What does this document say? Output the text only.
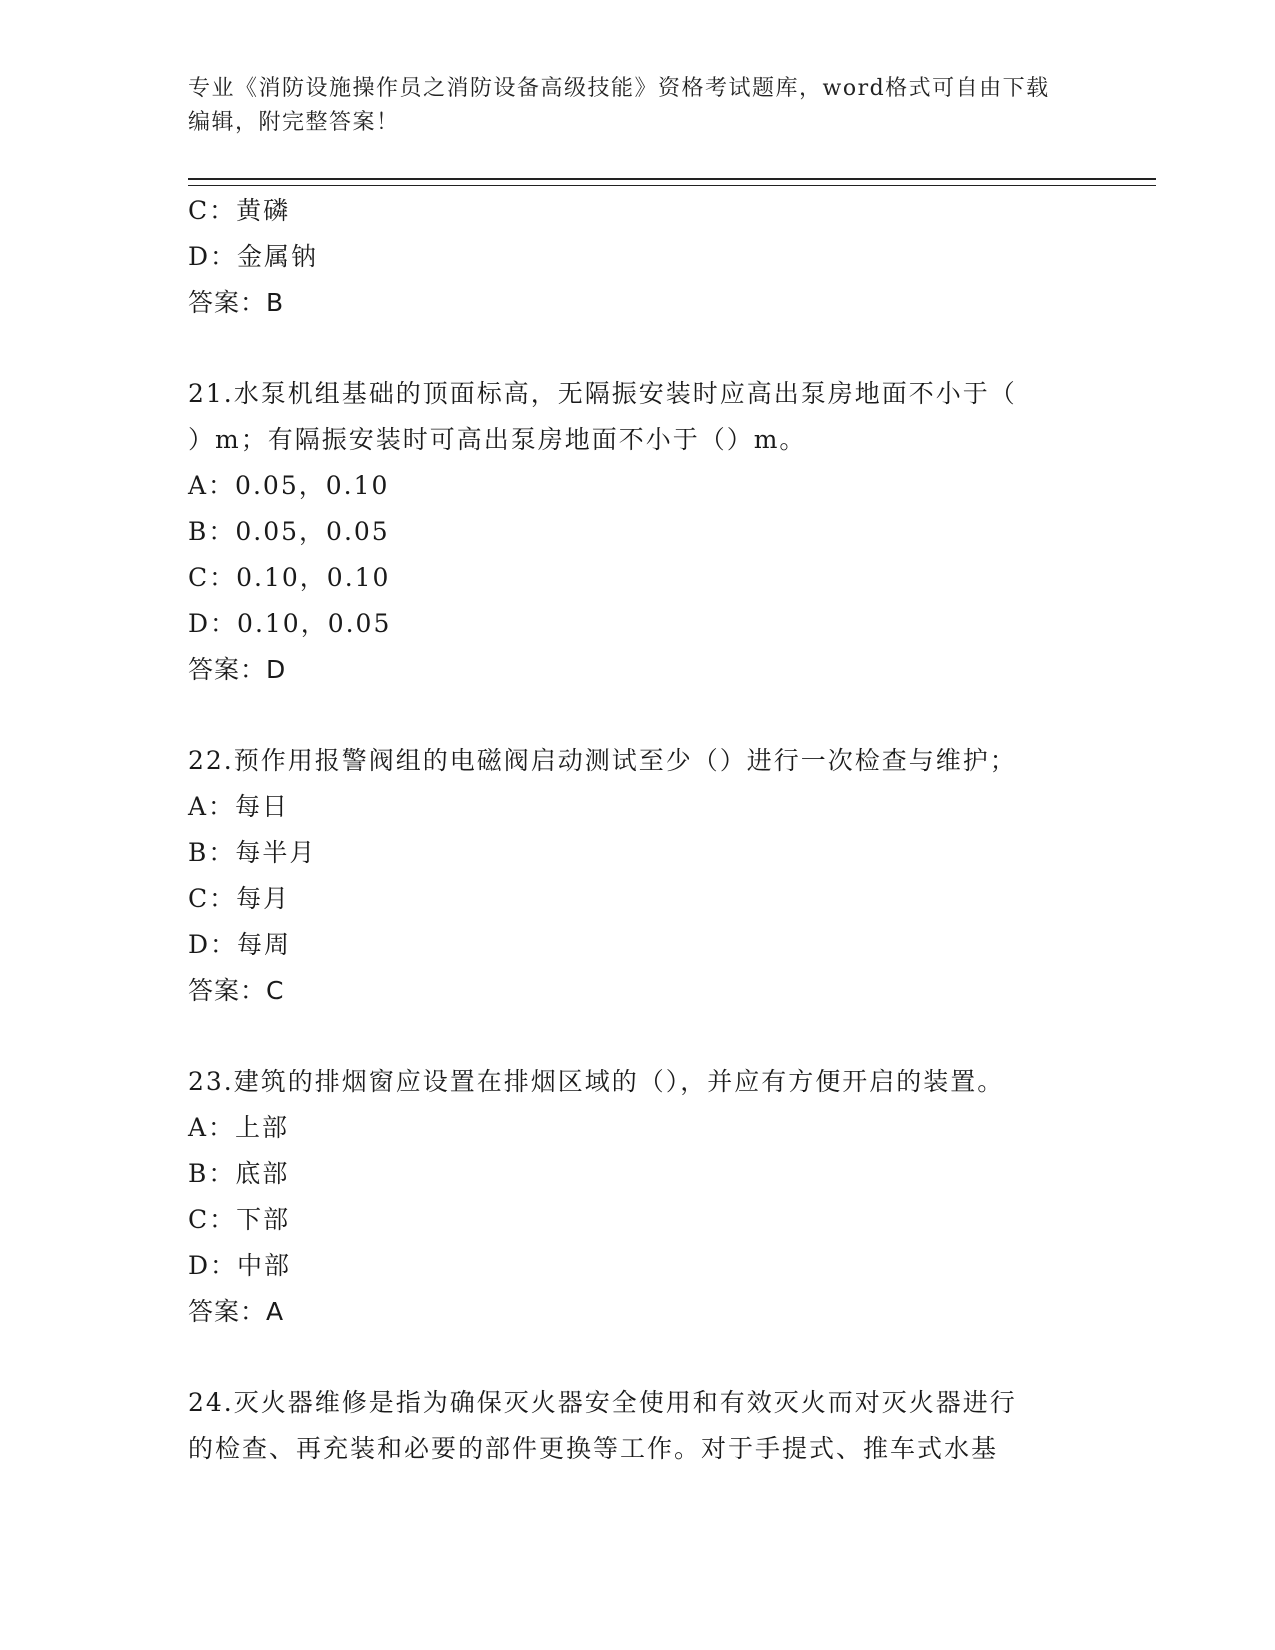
专业《消防设施操作员之消防设备高级技能》资格考试题库，word格式可自由下载编辑，附完整答案！
C：黄磷
D：金属钠
答案：B
21.水泵机组基础的顶面标高，无隔振安装时应高出泵房地面不小于（
）m；有隔振安装时可高出泵房地面不小于（）m。
A：0.05，0.10
B：0.05，0.05
C：0.10，0.10
D：0.10，0.05
答案：D
22.预作用报警阀组的电磁阀启动测试至少（）进行一次检查与维护；
A：每日
B：每半月
C：每月
D：每周
答案：C
23.建筑的排烟窗应设置在排烟区域的（），并应有方便开启的装置。
A：上部
B：底部
C：下部
D：中部
答案：A
24.灭火器维修是指为确保灭火器安全使用和有效灭火而对灭火器进行
的检查、再充装和必要的部件更换等工作。对于手提式、推车式水基
